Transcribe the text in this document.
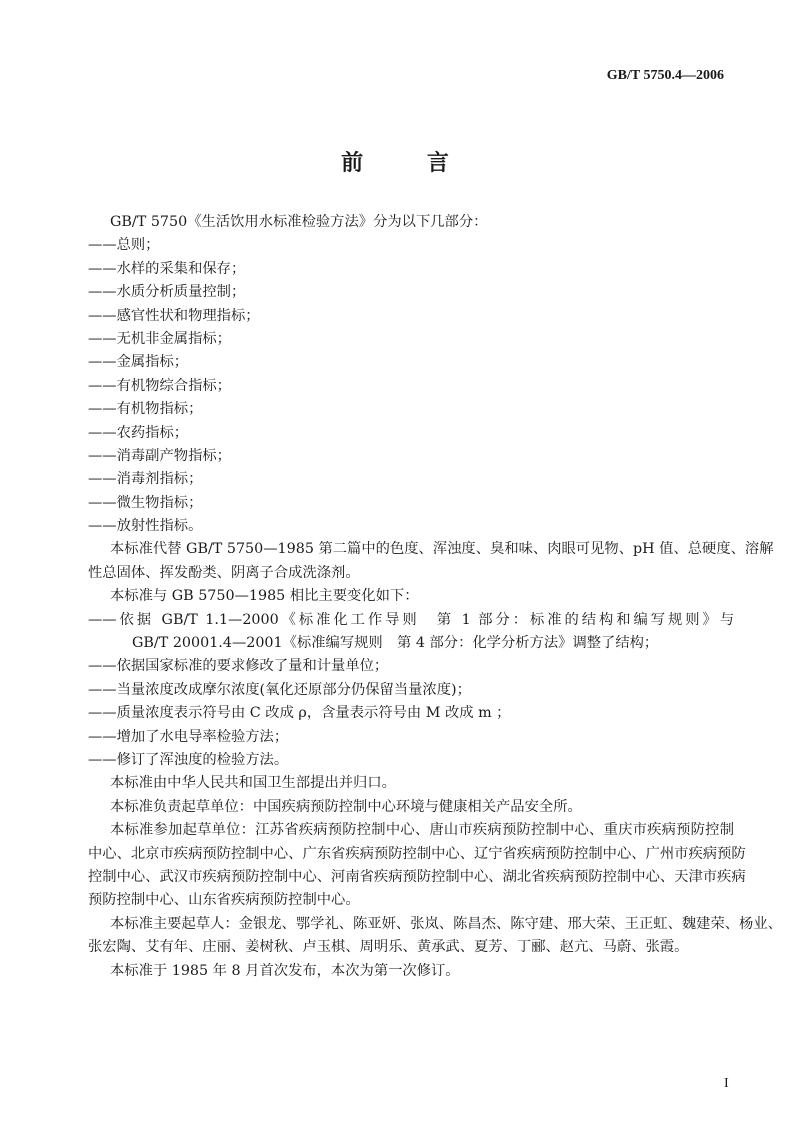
GB/T 5750.4—2006
前 言
GB/T 5750《生活饮用水标准检验方法》分为以下几部分：
——总则；
——水样的采集和保存；
——水质分析质量控制；
——感官性状和物理指标；
——无机非金属指标；
——金属指标；
——有机物综合指标；
——有机物指标；
——农药指标；
——消毒副产物指标；
——消毒剂指标；
——微生物指标；
——放射性指标。
本标准代替 GB/T 5750—1985 第二篇中的色度、浑浊度、臭和味、肉眼可见物、pH 值、总硬度、溶解
性总固体、挥发酚类、阴离子合成洗涤剂。
本标准与 GB 5750—1985 相比主要变化如下：
——依据 GB/T 1.1—2000《标准化工作导则　第 1 部分：标准的结构和编写规则》与
GB/T 20001.4—2001《标准编写规则　第 4 部分：化学分析方法》调整了结构；
——依据国家标准的要求修改了量和计量单位；
——当量浓度改成摩尔浓度(氧化还原部分仍保留当量浓度)；
——质量浓度表示符号由 C 改成 ρ，含量表示符号由 M 改成 m ；
——增加了水电导率检验方法；
——修订了浑浊度的检验方法。
本标准由中华人民共和国卫生部提出并归口。
本标准负责起草单位：中国疾病预防控制中心环境与健康相关产品安全所。
本标准参加起草单位：江苏省疾病预防控制中心、唐山市疾病预防控制中心、重庆市疾病预防控制
中心、北京市疾病预防控制中心、广东省疾病预防控制中心、辽宁省疾病预防控制中心、广州市疾病预防
控制中心、武汉市疾病预防控制中心、河南省疾病预防控制中心、湖北省疾病预防控制中心、天津市疾病
预防控制中心、山东省疾病预防控制中心。
本标准主要起草人：金银龙、鄂学礼、陈亚妍、张岚、陈昌杰、陈守建、邢大荣、王正虹、魏建荣、杨业、
张宏陶、艾有年、庄丽、姜树秋、卢玉棋、周明乐、黄承武、夏芳、丁郦、赵亢、马蔚、张霞。
本标准于 1985 年 8 月首次发布，本次为第一次修订。
I
